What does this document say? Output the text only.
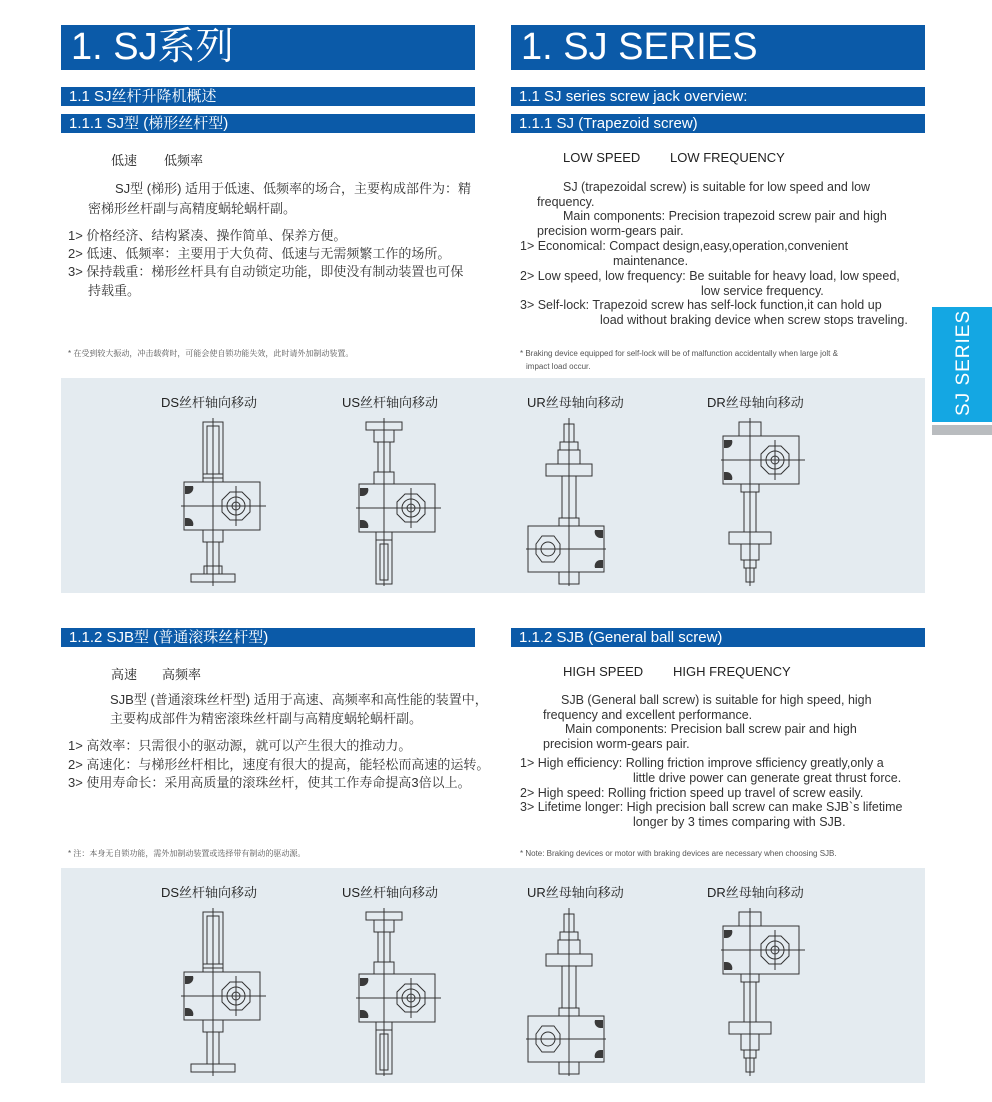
1. SJ系列
1.1 SJ丝杆升降机概述
1.1.1 SJ型 (梯形丝杆型)
低速 低频率
SJ型 (梯形) 适用于低速、低频率的场合，主要构成部件为：精
密梯形丝杆副与高精度蜗轮蜗杆副。
1> 价格经济、结构紧凑、操作简单、保养方便。
2> 低速、低频率：主要用于大负荷、低速与无需频繁工作的场所。
3> 保持载重：梯形丝杆具有自动锁定功能，即使没有制动装置也可保
持载重。
* 在受到较大振动，冲击载荷时，可能会使自锁功能失效，此时请外加制动装置。
1. SJ SERIES
1.1 SJ series screw jack overview:
1.1.1 SJ (Trapezoid screw)
LOW SPEED LOW FREQUENCY
SJ (trapezoidal screw) is suitable for low speed and low
frequency.
Main components: Precision trapezoid screw pair and high
precision worm-gears pair.
1> Economical: Compact design,easy,operation,convenient
maintenance.
2> Low speed, low frequency: Be suitable for heavy load, low speed,
low service frequency.
3> Self-lock: Trapezoid screw has self-lock function,it can hold up
load without braking device when screw stops traveling.
* Braking device equipped for self-lock will be of malfunction accidentally when large jolt &
impact load occur.	SJ SERIES
DS丝杆轴向移动	US丝杆轴向移动	UR丝母轴向移动	DR丝母轴向移动
1.1.2 SJB型 (普通滚珠丝杆型)	1.1.2 SJB (General ball screw)
高速 高频率
SJB型 (普通滚珠丝杆型) 适用于高速、高频率和高性能的装置中，
主要构成部件为精密滚珠丝杆副与高精度蜗轮蜗杆副。
1> 高效率：只需很小的驱动源，就可以产生很大的推动力。
2> 高速化：与梯形丝杆相比，速度有很大的提高，能轻松而高速的运转。
3> 使用寿命长：采用高质量的滚珠丝杆，使其工作寿命提高3倍以上。
* 注：本身无自锁功能，需外加制动装置或选择带有制动的驱动源。
HIGH SPEED HIGH FREQUENCY
SJB (General ball screw) is suitable for high speed, high
frequency and excellent performance.
Main components: Precision ball screw pair and high
precision worm-gears pair.
1> High efficiency: Rolling friction improve sfficiency greatly,only a
little drive power can generate great thrust force.
2> High speed: Rolling friction speed up travel of screw easily.
3> Lifetime longer: High precision ball screw can make SJB`s lifetime
longer by 3 times comparing with SJB.
* Note: Braking devices or motor with braking devices are necessary when choosing SJB.
DS丝杆轴向移动	US丝杆轴向移动	UR丝母轴向移动	DR丝母轴向移动
